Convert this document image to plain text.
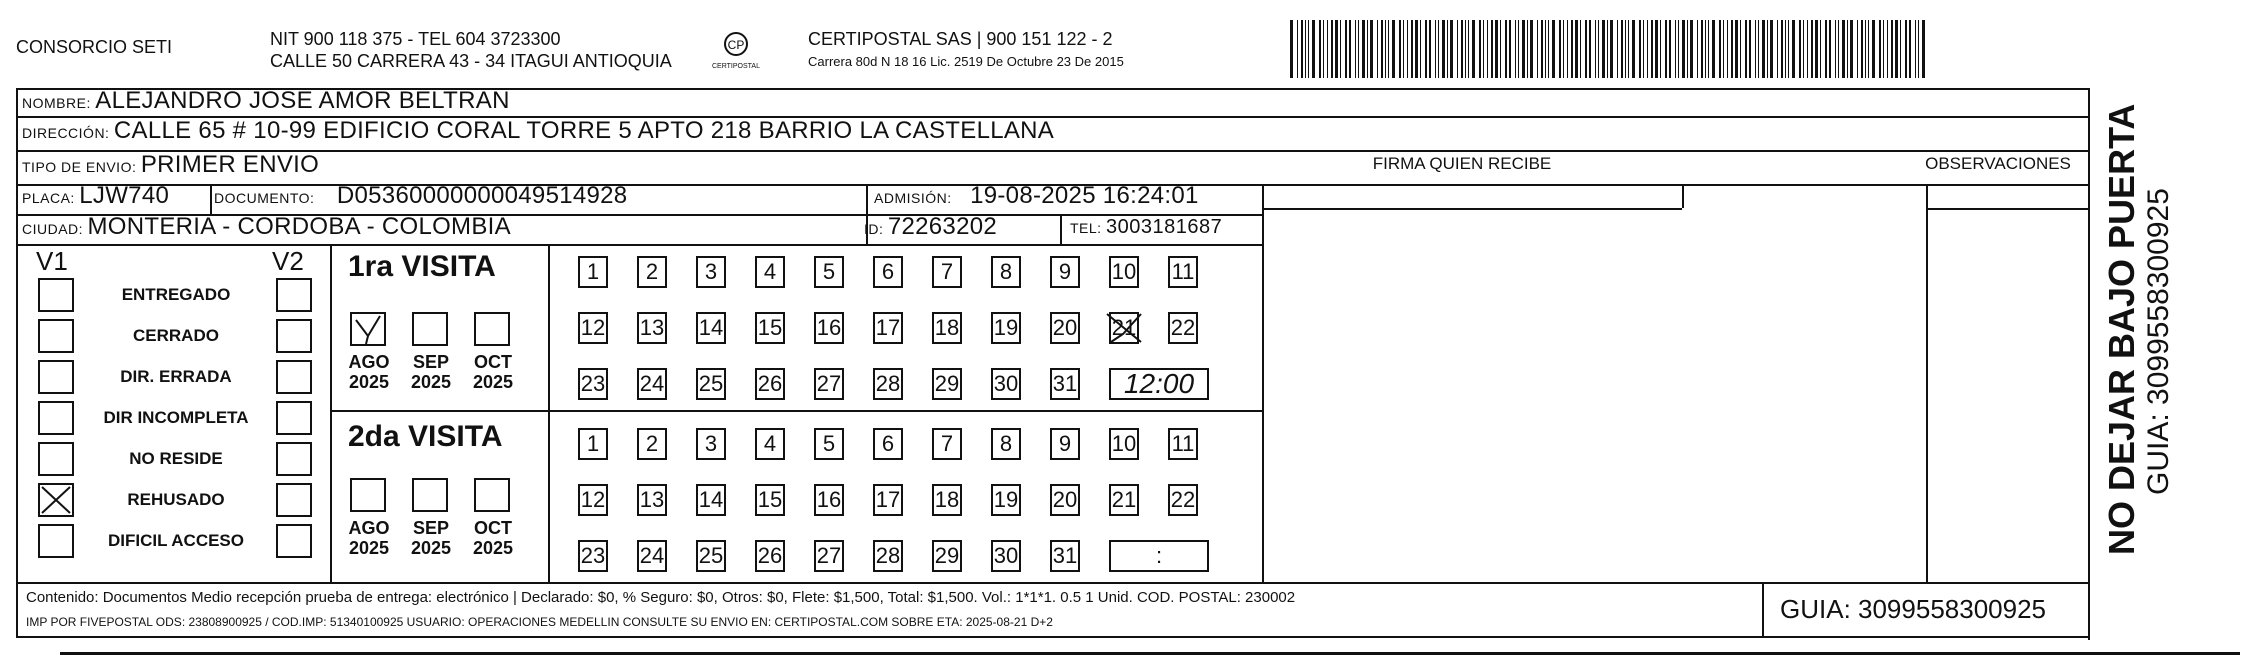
CONSORCIO SETI	NIT 900 118 375 - TEL 604 3723300
CALLE 50 CARRERA 43 - 34 ITAGUI ANTIOQUIA
CP
CERTIPOSTAL
CERTIPOSTAL SAS | 900 151 122 - 2
Carrera 80d N 18 16 Lic. 2519 De Octubre 23 De 2015
NOMBRE: ALEJANDRO JOSE AMOR BELTRAN
DIRECCIÓN: CALLE 65 # 10-99 EDIFICIO CORAL TORRE 5 APTO 218 BARRIO LA CASTELLANA
TIPO DE ENVIO: PRIMER ENVIO
PLACA: LJW740	DOCUMENTO: D05360000000049514928	ADMISIÓN: 19-08-2025 16:24:01
CIUDAD: MONTERIA - CORDOBA - COLOMBIA	ID: 72263202	TEL: 3003181687
FIRMA QUIEN RECIBE	OBSERVACIONES
V1	V2
ENTREGADO
CERRADO
DIR. ERRADA
DIR INCOMPLETA
NO RESIDE
REHUSADO
DIFICIL ACCESO
1ra VISITA
2da VISITA
AGO
2025
SEP
2025
OCT
2025
AGO
2025
SEP
2025
OCT
2025
1	2	3	4	5	6	7	8	9	10 11
12 13 14 15 16 17 18 19 20 21 22
23 24 25 26 27 28 29 30 31	12:00
1	2	3	4	5	6	7	8	9	10 11
12 13 14 15 16 17 18 19 20 21 22
23 24 25 26 27 28 29 30 31	:
Contenido: Documentos Medio recepción prueba de entrega: electrónico | Declarado: $0, % Seguro: $0, Otros: $0, Flete: $1,500, Total: $1,500. Vol.: 1*1*1. 0.5 1 Unid. COD. POSTAL: 230002
IMP POR FIVEPOSTAL ODS: 23808900925 / COD.IMP: 51340100925 USUARIO: OPERACIONES MEDELLIN CONSULTE SU ENVIO EN: CERTIPOSTAL.COM SOBRE ETA: 2025-08-21 D+2	GUIA: 3099558300925
NO DEJAR BAJO PUERTA GUIA: 3099558300925
